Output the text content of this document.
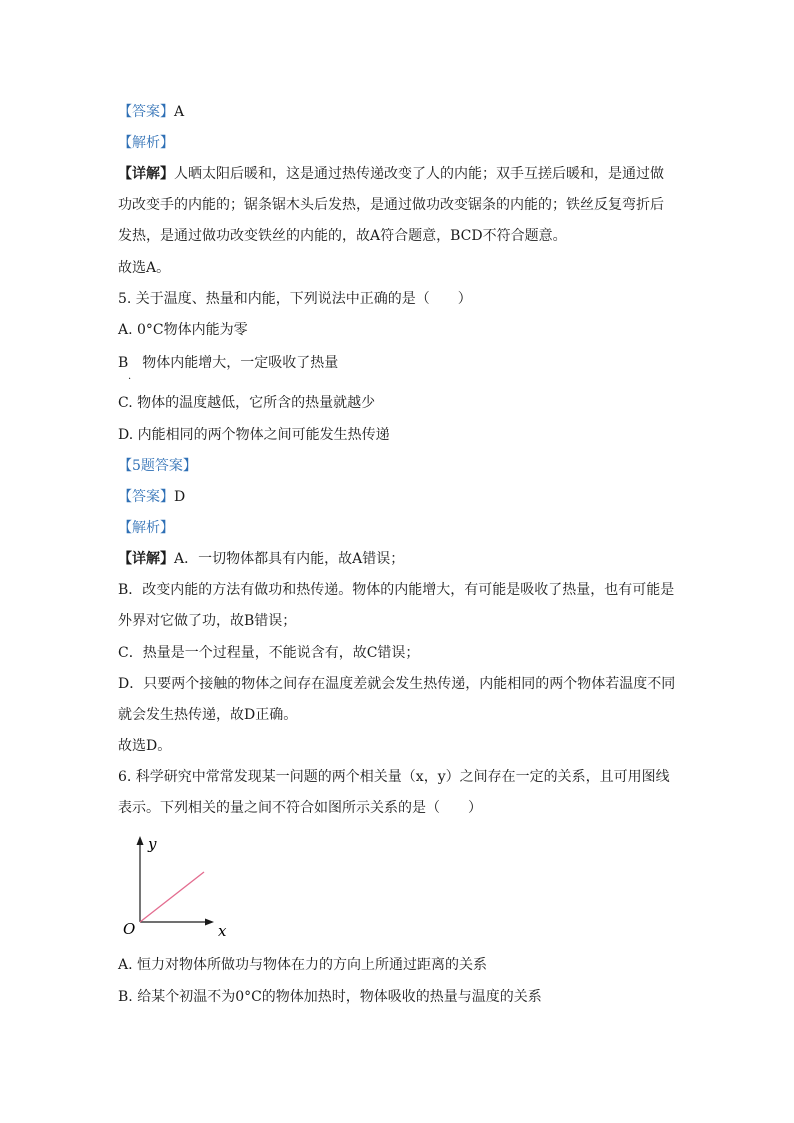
【答案】A
【解析】
【详解】人晒太阳后暖和，这是通过热传递改变了人的内能；双手互搓后暖和，是通过做
功改变手的内能的；锯条锯木头后发热，是通过做功改变锯条的内能的；铁丝反复弯折后
发热，是通过做功改变铁丝的内能的，故A符合题意，BCD不符合题意。
故选A。
5. 关于温度、热量和内能，下列说法中正确的是（　　）
A. 0°C物体内能为零
B 物体内能增大，一定吸收了热量
.
C. 物体的温度越低，它所含的热量就越少
D. 内能相同的两个物体之间可能发生热传递
【5题答案】
【答案】D
【解析】
【详解】A．一切物体都具有内能，故A错误；
B．改变内能的方法有做功和热传递。物体的内能增大，有可能是吸收了热量，也有可能是
外界对它做了功，故B错误；
C．热量是一个过程量，不能说含有，故C错误；
D．只要两个接触的物体之间存在温度差就会发生热传递，内能相同的两个物体若温度不同
就会发生热传递，故D正确。
故选D。
6. 科学研究中常常发现某一问题的两个相关量（x，y）之间存在一定的关系，且可用图线
表示。下列相关的量之间不符合如图所示关系的是（　　）
y
x
O
A. 恒力对物体所做功与物体在力的方向上所通过距离的关系
B. 给某个初温不为0°C的物体加热时，物体吸收的热量与温度的关系
